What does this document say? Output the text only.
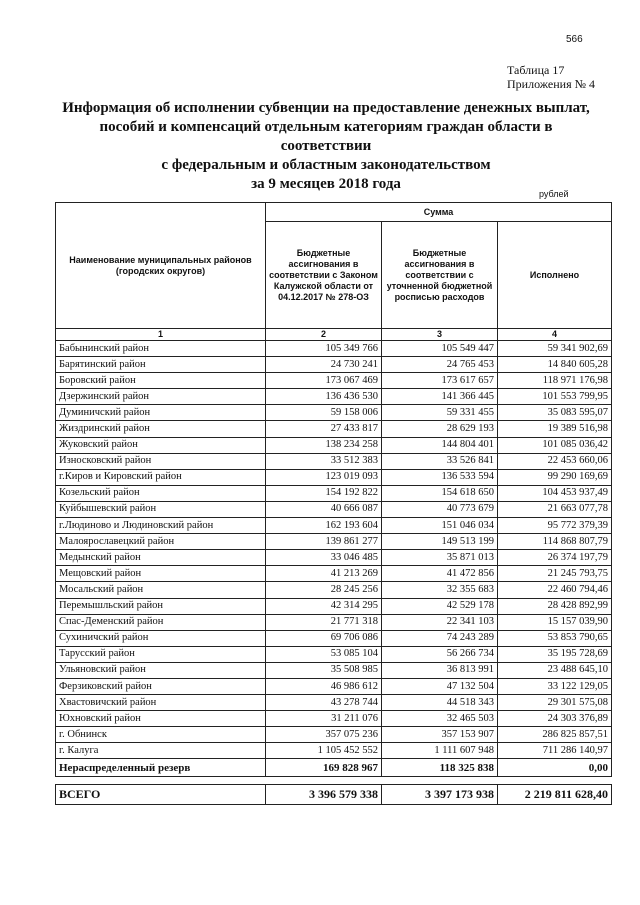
566
Таблица 17
Приложения № 4
Информация об исполнении субвенции на предоставление денежных выплат,
пособий и компенсаций отдельным категориям граждан области в соответствии
с федеральным и областным законодательством
за 9 месяцев 2018 года
рублей
Наименование муниципальных районов (городских округов)	Сумма		
	Бюджетные ассигнования в соответствии с Законом Калужской области от 04.12.2017 № 278-ОЗ	Бюджетные ассигнования в соответствии с уточненной бюджетной росписью расходов	Исполнено
1	2	3	4
Бабынинский район	105 349 766	105 549 447	59 341 902,69
Барятинский район	24 730 241	24 765 453	14 840 605,28
Боровский район	173 067 469	173 617 657	118 971 176,98
Дзержинский район	136 436 530	141 366 445	101 553 799,95
Думиничский район	59 158 006	59 331 455	35 083 595,07
Жиздринский район	27 433 817	28 629 193	19 389 516,98
Жуковский район	138 234 258	144 804 401	101 085 036,42
Износковский район	33 512 383	33 526 841	22 453 660,06
г.Киров и Кировский район	123 019 093	136 533 594	99 290 169,69
Козельский район	154 192 822	154 618 650	104 453 937,49
Куйбышевский район	40 666 087	40 773 679	21 663 077,78
г.Людиново и Людиновский район	162 193 604	151 046 034	95 772 379,39
Малоярославецкий район	139 861 277	149 513 199	114 868 807,79
Медынский район	33 046 485	35 871 013	26 374 197,79
Мещовский район	41 213 269	41 472 856	21 245 793,75
Мосальский район	28 245 256	32 355 683	22 460 794,46
Перемышльский район	42 314 295	42 529 178	28 428 892,99
Спас-Деменский район	21 771 318	22 341 103	15 157 039,90
Сухиничский район	69 706 086	74 243 289	53 853 790,65
Тарусский район	53 085 104	56 266 734	35 195 728,69
Ульяновский район	35 508 985	36 813 991	23 488 645,10
Ферзиковский район	46 986 612	47 132 504	33 122 129,05
Хвастовичский район	43 278 744	44 518 343	29 301 575,08
Юхновский район	31 211 076	32 465 503	24 303 376,89
г. Обнинск	357 075 236	357 153 907	286 825 857,51
г. Калуга	1 105 452 552	1 111 607 948	711 286 140,97
Нераспределенный резерв	169 828 967	118 325 838	0,00

ВСЕГО	3 396 579 338	3 397 173 938	2 219 811 628,40
